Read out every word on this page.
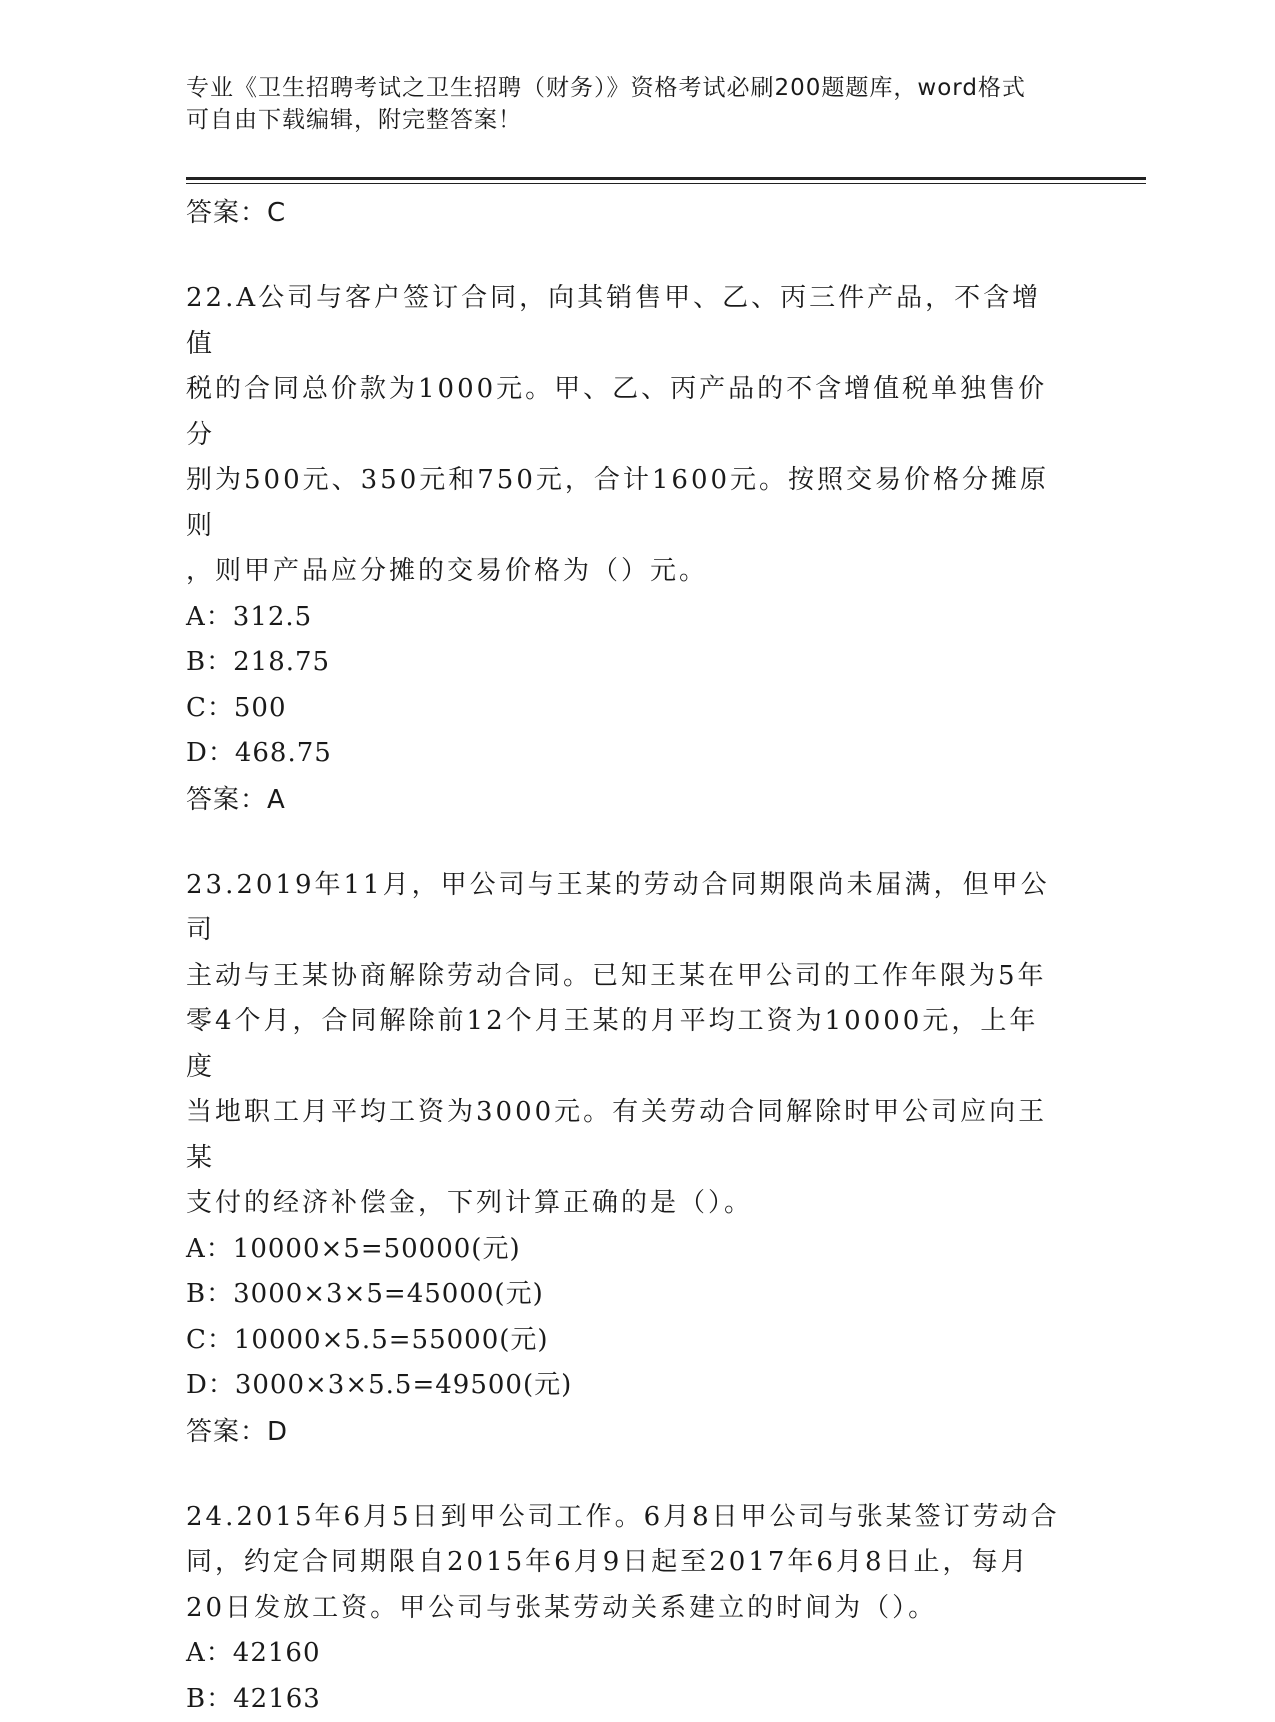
专业《卫生招聘考试之卫生招聘（财务）》资格考试必刷200题题库，word格式
可自由下载编辑，附完整答案！
答案：C
22.A公司与客户签订合同，向其销售甲、乙、丙三件产品，不含增值
税的合同总价款为1000元。甲、乙、丙产品的不含增值税单独售价分
别为500元、350元和750元，合计1600元。按照交易价格分摊原则
，则甲产品应分摊的交易价格为（）元。
A：312.5
B：218.75
C：500
D：468.75
答案：A
23.2019年11月，甲公司与王某的劳动合同期限尚未届满，但甲公司
主动与王某协商解除劳动合同。已知王某在甲公司的工作年限为5年
零4个月，合同解除前12个月王某的月平均工资为10000元，上年度
当地职工月平均工资为3000元。有关劳动合同解除时甲公司应向王某
支付的经济补偿金，下列计算正确的是（）。
A：10000×5=50000(元)
B：3000×3×5=45000(元)
C：10000×5.5=55000(元)
D：3000×3×5.5=49500(元)
答案：D
24.2015年6月5日到甲公司工作。6月8日甲公司与张某签订劳动合
同，约定合同期限自2015年6月9日起至2017年6月8日止，每月
20日发放工资。甲公司与张某劳动关系建立的时间为（）。
A：42160
B：42163
